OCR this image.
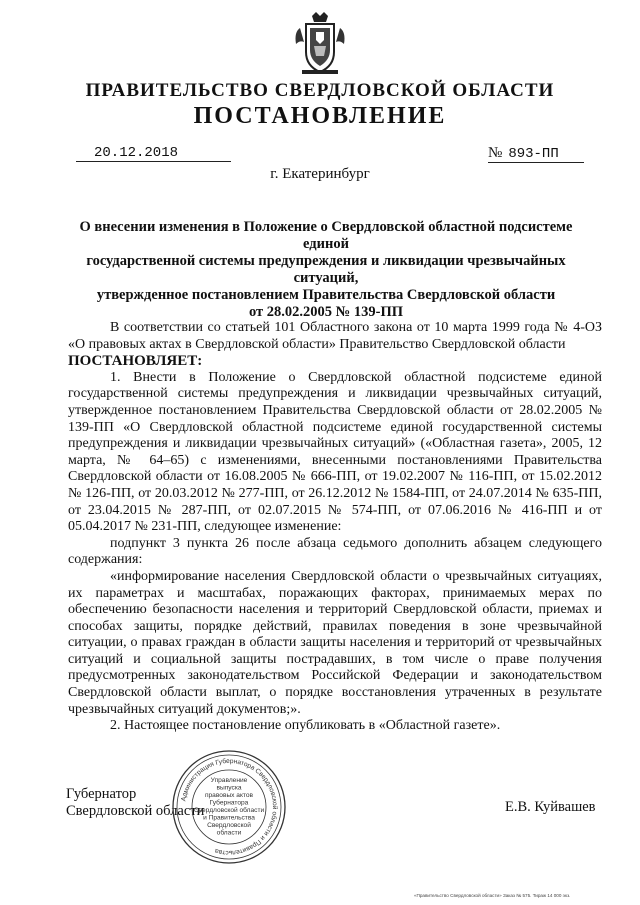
ПРАВИТЕЛЬСТВО СВЕРДЛОВСКОЙ ОБЛАСТИ
ПОСТАНОВЛЕНИЕ
20.12.2018	№ 893-ПП
г. Екатеринбург
О внесении изменения в Положение о Свердловской областной подсистеме единой
государственной системы предупреждения и ликвидации чрезвычайных ситуаций,
утвержденное постановлением Правительства Свердловской области
от 28.02.2005 № 139-ПП

В соответствии со статьей 101 Областного закона от 10 марта 1999 года № 4-ОЗ «О правовых актах в Свердловской области» Правительство Свердловской области

ПОСТАНОВЛЯЕТ:

1. Внести в Положение о Свердловской областной подсистеме единой государственной системы предупреждения и ликвидации чрезвычайных ситуаций, утвержденное постановлением Правительства Свердловской области от 28.02.2005 № 139-ПП «О Свердловской областной подсистеме единой государственной системы предупреждения и ликвидации чрезвычайных ситуаций» («Областная газета», 2005, 12 марта, № 64–65) с изменениями, внесенными постановлениями Правительства Свердловской области от 16.08.2005 № 666-ПП, от 19.02.2007 № 116-ПП, от 15.02.2012 № 126-ПП, от 20.03.2012 № 277-ПП, от 26.12.2012 № 1584-ПП, от 24.07.2014 № 635-ПП, от 23.04.2015 № 287-ПП, от 02.07.2015 № 574-ПП, от 07.06.2016 № 416-ПП и от 05.04.2017 № 231-ПП, следующее изменение:

подпункт 3 пункта 26 после абзаца седьмого дополнить абзацем следующего содержания:

«информирование населения Свердловской области о чрезвычайных ситуациях, их параметрах и масштабах, поражающих факторах, принимаемых мерах по обеспечению безопасности населения и территорий Свердловской области, приемах и способах защиты, порядке действий, правилах поведения в зоне чрезвычайной ситуации, о правах граждан в области защиты населения и территорий от чрезвычайных ситуаций и социальной защиты пострадавших, в том числе о праве получения предусмотренных законодательством Российской Федерации и законодательством Свердловской области выплат, о порядке восстановления утраченных в результате чрезвычайных ситуаций документов;».

2. Настоящее постановление опубликовать в «Областной газете».

Губернатор
Свердловской области
Администрация Губернатора Свердловской области и Правительства
Управление
выпуска
правовых актов
Губернатора
Свердловской области
и Правительства
Свердловской
области
Е.В. Куйвашев
«Правительство Свердловской области» Заказ № 575. Тираж 14 000 экз.
